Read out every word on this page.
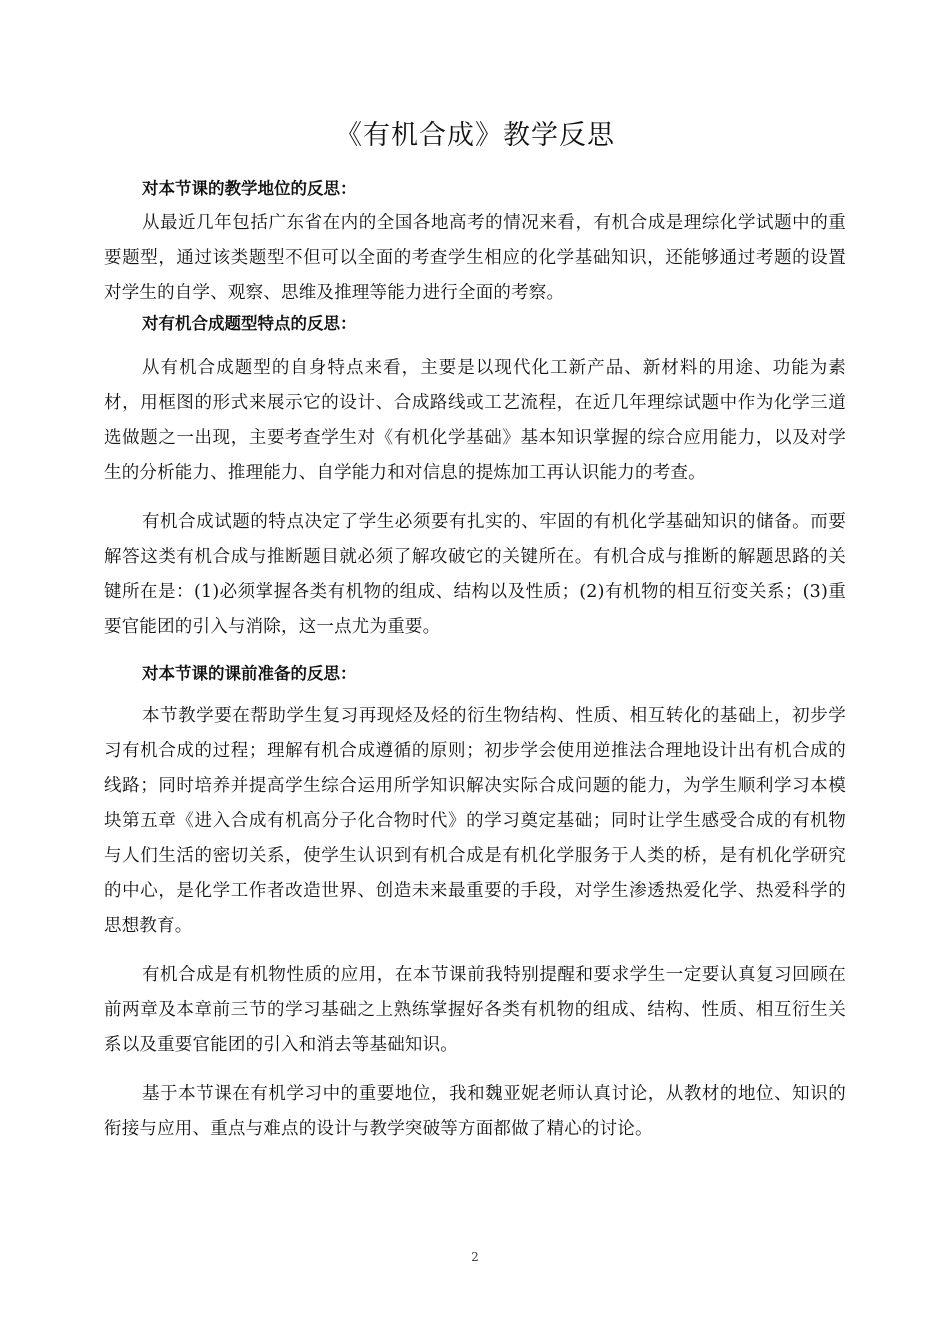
《有机合成》教学反思

对本节课的教学地位的反思：

从最近几年包括广东省在内的全国各地高考的情况来看，有机合成是理综化学试题中的重要题型，通过该类题型不但可以全面的考查学生相应的化学基础知识，还能够通过考题的设置对学生的自学、观察、思维及推理等能力进行全面的考察。

对有机合成题型特点的反思：

从有机合成题型的自身特点来看，主要是以现代化工新产品、新材料的用途、功能为素材，用框图的形式来展示它的设计、合成路线或工艺流程，在近几年理综试题中作为化学三道选做题之一出现，主要考查学生对《有机化学基础》基本知识掌握的综合应用能力，以及对学生的分析能力、推理能力、自学能力和对信息的提炼加工再认识能力的考查。

有机合成试题的特点决定了学生必须要有扎实的、牢固的有机化学基础知识的储备。而要解答这类有机合成与推断题目就必须了解攻破它的关键所在。有机合成与推断的解题思路的关键所在是：(1)必须掌握各类有机物的组成、结构以及性质；(2)有机物的相互衍变关系；(3)重要官能团的引入与消除，这一点尤为重要。

对本节课的课前准备的反思：

本节教学要在帮助学生复习再现烃及烃的衍生物结构、性质、相互转化的基础上，初步学习有机合成的过程；理解有机合成遵循的原则；初步学会使用逆推法合理地设计出有机合成的线路；同时培养并提高学生综合运用所学知识解决实际合成问题的能力，为学生顺利学习本模块第五章《进入合成有机高分子化合物时代》的学习奠定基础；同时让学生感受合成的有机物与人们生活的密切关系，使学生认识到有机合成是有机化学服务于人类的桥，是有机化学研究的中心，是化学工作者改造世界、创造未来最重要的手段，对学生渗透热爱化学、热爱科学的思想教育。

有机合成是有机物性质的应用，在本节课前我特别提醒和要求学生一定要认真复习回顾在前两章及本章前三节的学习基础之上熟练掌握好各类有机物的组成、结构、性质、相互衍生关系以及重要官能团的引入和消去等基础知识。

基于本节课在有机学习中的重要地位，我和魏亚妮老师认真讨论，从教材的地位、知识的衔接与应用、重点与难点的设计与教学突破等方面都做了精心的讨论。

2
